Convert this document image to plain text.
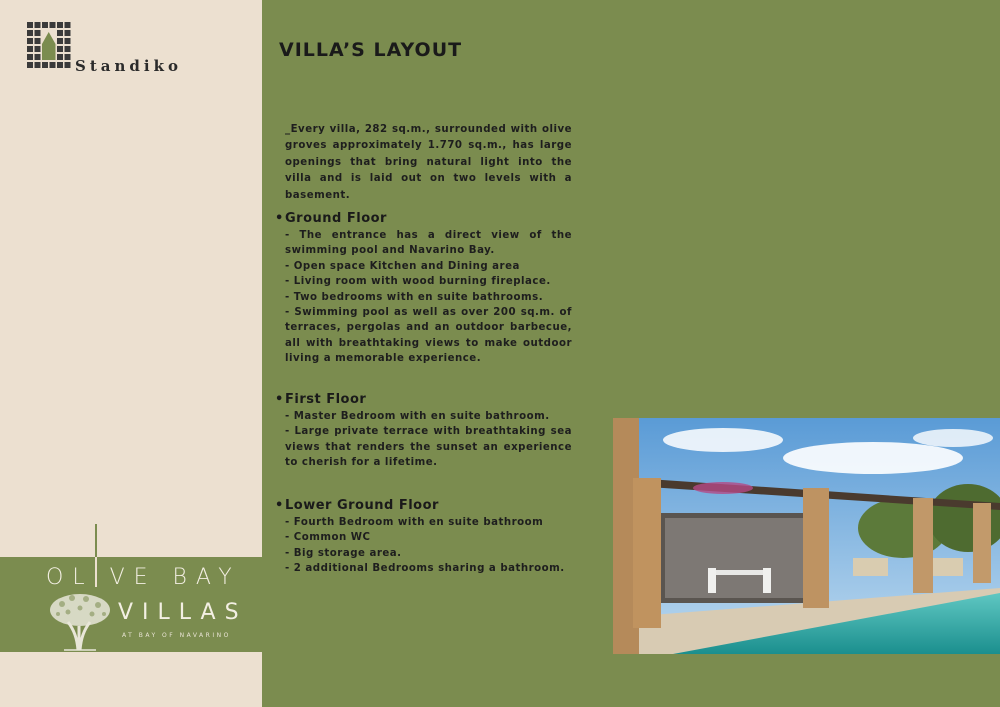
Standiko
OL VE BAY
VILLAS
AT BAY OF NAVARINO
VILLA’S LAYOUT

_Every villa, 282 sq.m., surrounded with olive groves approximately 1.770 sq.m., has large openings that bring natural light into the villa and is laid out on two levels with a basement.

•Ground Floor
- The entrance has a direct view of the swimming pool and Navarino Bay.
- Open space Kitchen and Dining area
- Living room with wood burning fireplace.
- Two bedrooms with en suite bathrooms.
- Swimming pool as well as over 200 sq.m. of terraces, pergolas and an outdoor barbecue, all with breathtaking views to make outdoor living a memorable experience.
•First Floor
- Master Bedroom with en suite bathroom.
- Large private terrace with breathtaking sea views that renders the sunset an experience to cherish for a lifetime.
•Lower Ground Floor
- Fourth Bedroom with en suite bathroom
- Common WC
- Big storage area.
- 2 additional Bedrooms sharing a bathroom.
